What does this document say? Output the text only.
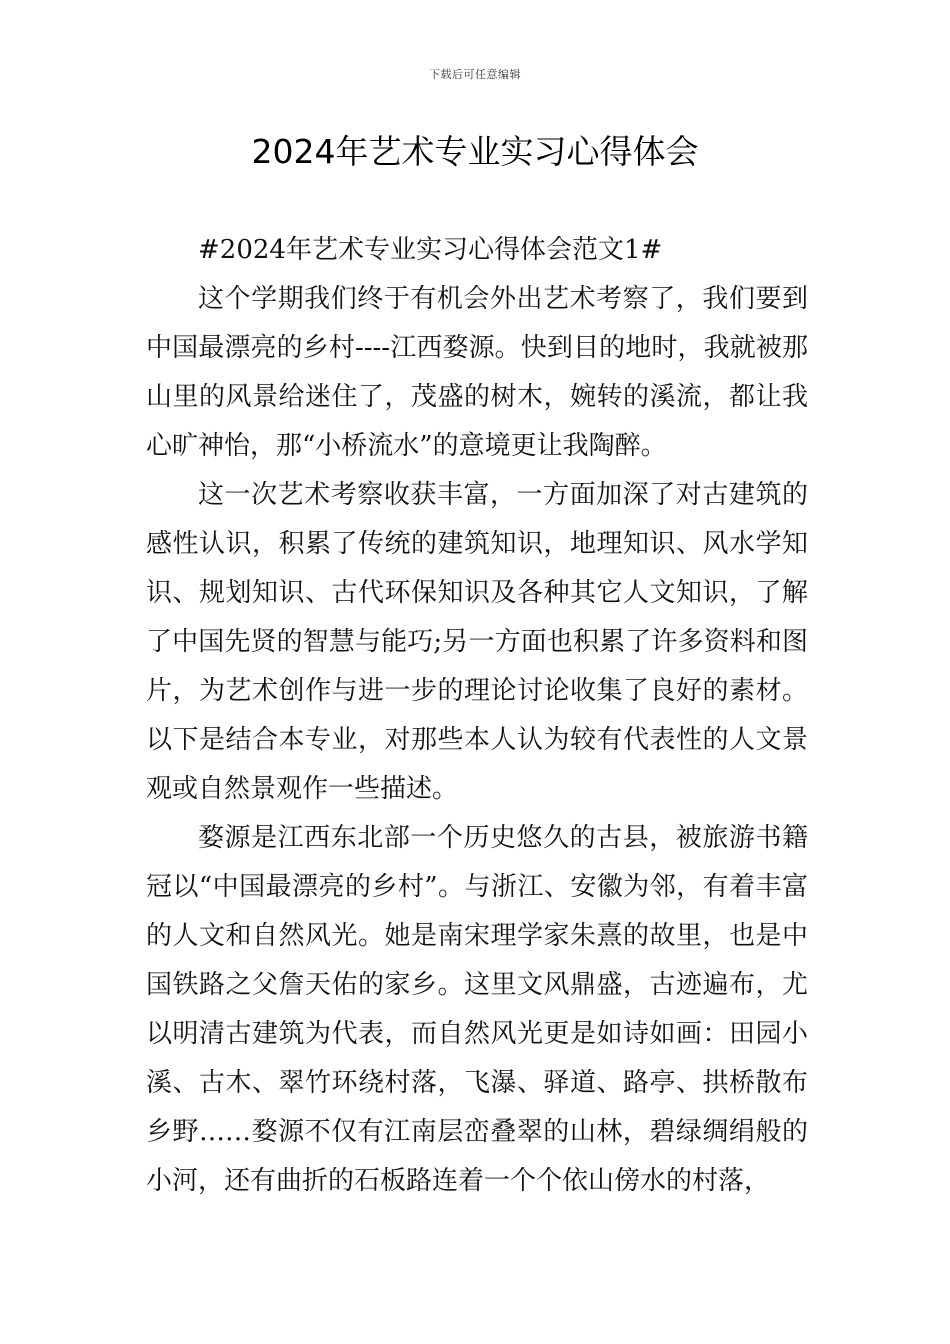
下载后可任意编辑
2024年艺术专业实习心得体会

#2024年艺术专业实习心得体会范文1#

这个学期我们终于有机会外出艺术考察了，我们要到中国最漂亮的乡村----江西婺源。快到目的地时，我就被那山里的风景给迷住了，茂盛的树木，婉转的溪流，都让我心旷神怡，那“小桥流水”的意境更让我陶醉。

这一次艺术考察收获丰富，一方面加深了对古建筑的感性认识，积累了传统的建筑知识，地理知识、风水学知识、规划知识、古代环保知识及各种其它人文知识，了解了中国先贤的智慧与能巧;另一方面也积累了许多资料和图片，为艺术创作与进一步的理论讨论收集了良好的素材。以下是结合本专业，对那些本人认为较有代表性的人文景观或自然景观作一些描述。

婺源是江西东北部一个历史悠久的古县，被旅游书籍冠以“中国最漂亮的乡村”。与浙江、安徽为邻，有着丰富的人文和自然风光。她是南宋理学家朱熹的故里，也是中国铁路之父詹天佑的家乡。这里文风鼎盛，古迹遍布，尤以明清古建筑为代表，而自然风光更是如诗如画：田园小溪、古木、翠竹环绕村落，飞瀑、驿道、路亭、拱桥散布乡野……婺源不仅有江南层峦叠翠的山林，碧绿绸绢般的小河，还有曲折的石板路连着一个个依山傍水的村落，
